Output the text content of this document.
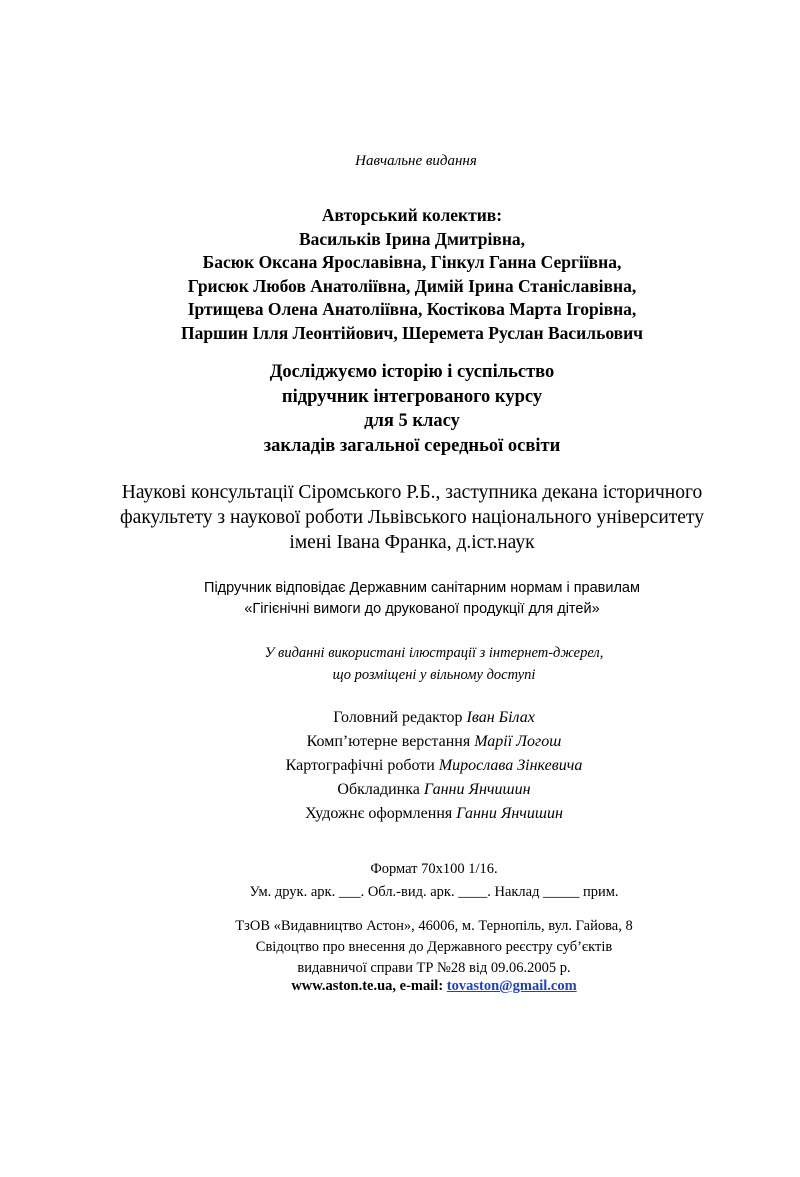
Навчальне видання
Авторський колектив:
Васильків Ірина Дмитрівна,
Басюк Оксана Ярославівна, Гінкул Ганна Сергіївна,
Грисюк Любов Анатоліївна, Димій Ірина Станіславівна,
Іртищева Олена Анатоліївна, Костікова Марта Ігорівна,
Паршин Ілля Леонтійович, Шеремета Руслан Васильович
Досліджуємо історію і суспільство
підручник інтегрованого курсу
для 5 класу
закладів загальної середньої освіти
Наукові консультації Сіромського Р.Б., заступника декана історичного
факультету з наукової роботи Львівського національного університету
імені Івана Франка, д.іст.наук
Підручник відповідає Державним санітарним нормам і правилам
«Гігієнічні вимоги до друкованої продукції для дітей»
У виданні використані ілюстрації з інтернет-джерел,
що розміщені у вільному доступі
Головний редактор Іван Білах
Комп’ютерне верстання Марії Логош
Картографічні роботи Мирослава Зінкевича
Обкладинка Ганни Янчишин
Художнє оформлення Ганни Янчишин
Формат 70х100 1/16.
Ум. друк. арк. ___. Обл.-вид. арк. ____. Наклад _____ прим.
ТзОВ «Видавництво Астон», 46006, м. Тернопіль, вул. Гайова, 8
Свідоцтво про внесення до Державного реєстру суб’єктів
видавничої справи ТР №28 від 09.06.2005 р.
www.aston.te.ua, e-mail: tovaston@gmail.com
